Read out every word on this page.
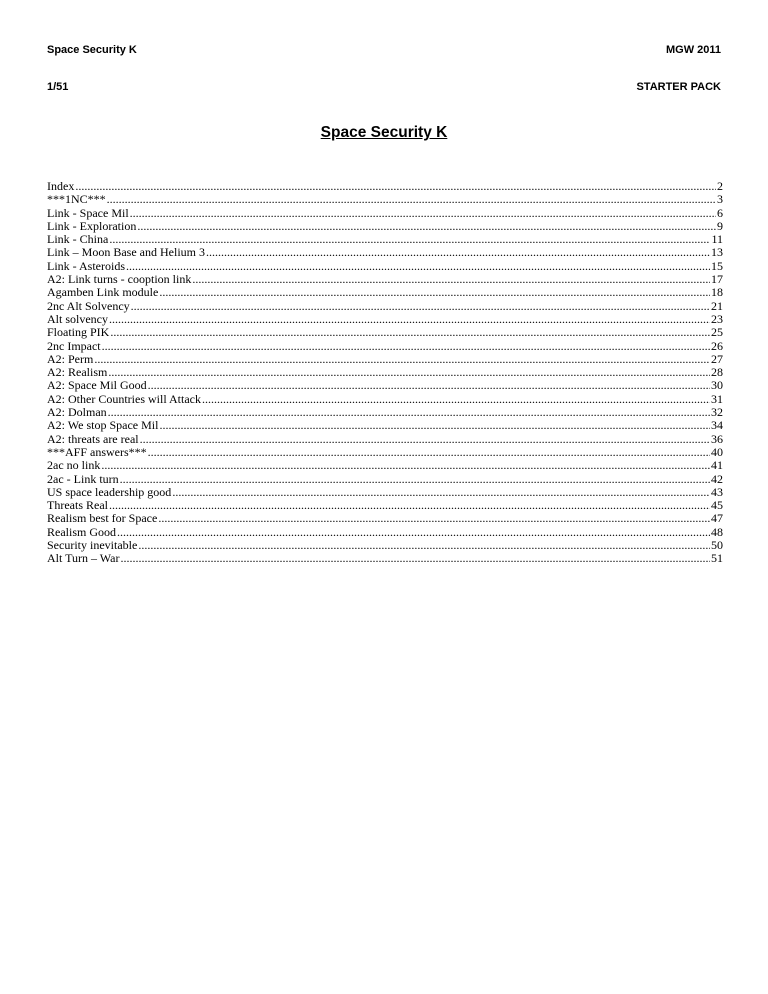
Space Security K	MGW 2011
1/51	STARTER PACK
Space Security K
Index .....	2
***1NC*** .....	3
Link - Space Mil .....	6
Link - Exploration .....	9
Link - China .....	11
Link – Moon Base and Helium 3 .....	13
Link - Asteroids .....	15
A2: Link turns - cooption link .....	17
Agamben Link module .....	18
2nc Alt Solvency .....	21
Alt solvency .....	23
Floating PIK .....	25
2nc Impact .....	26
A2: Perm .....	27
A2: Realism .....	28
A2: Space Mil Good .....	30
A2: Other Countries will Attack .....	31
A2: Dolman .....	32
A2: We stop Space Mil .....	34
A2: threats are real .....	36
***AFF answers*** .....	40
2ac no link .....	41
2ac - Link turn .....	42
US space leadership good .....	43
Threats Real .....	45
Realism best for Space .....	47
Realism Good .....	48
Security inevitable .....	50
Alt Turn – War .....	51
